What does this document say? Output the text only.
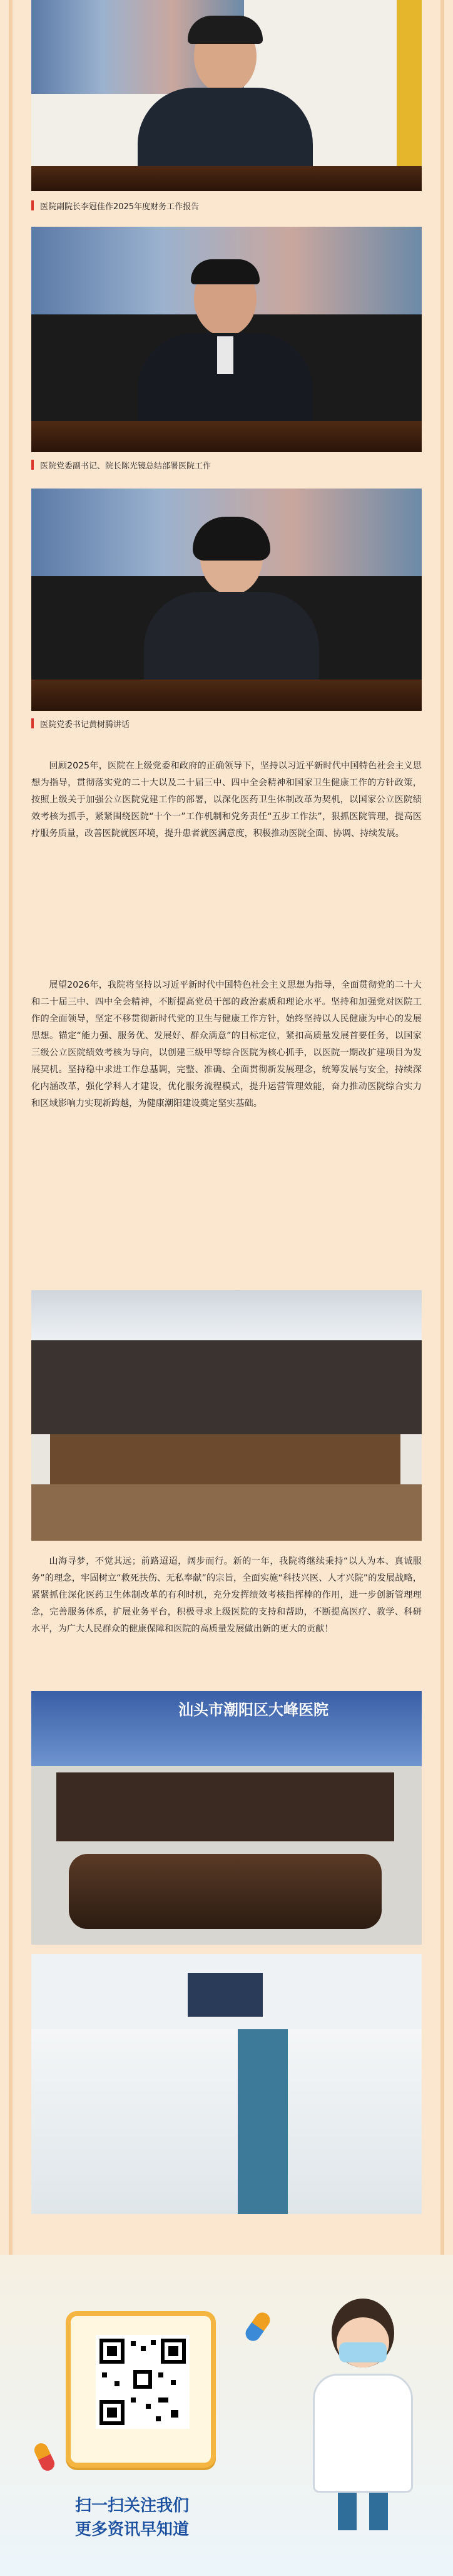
医院副院长李冠佳作2025年度财务工作报告
医院党委副书记、院长陈光镜总结部署医院工作
医院党委书记黄树腾讲话

回顾2025年，医院在上级党委和政府的正确领导下，坚持以习近平新时代中国特色社会主义思想为指导，贯彻落实党的二十大以及二十届三中、四中全会精神和国家卫生健康工作的方针政策，按照上级关于加强公立医院党建工作的部署，以深化医药卫生体制改革为契机，以国家公立医院绩效考核为抓手，紧紧围绕医院“十个一”工作机制和党务责任“五步工作法”，狠抓医院管理，提高医疗服务质量，改善医院就医环境，提升患者就医满意度，积极推动医院全面、协调、持续发展。

展望2026年，我院将坚持以习近平新时代中国特色社会主义思想为指导，全面贯彻党的二十大和二十届三中、四中全会精神，不断提高党员干部的政治素质和理论水平。坚持和加强党对医院工作的全面领导，坚定不移贯彻新时代党的卫生与健康工作方针，始终坚持以人民健康为中心的发展思想。锚定“能力强、服务优、发展好、群众满意”的目标定位，紧扣高质量发展首要任务，以国家三级公立医院绩效考核为导向，以创建三级甲等综合医院为核心抓手，以医院一期改扩建项目为发展契机。坚持稳中求进工作总基调，完整、准确、全面贯彻新发展理念，统筹发展与安全，持续深化内涵改革，强化学科人才建设，优化服务流程模式，提升运营管理效能，奋力推动医院综合实力和区域影响力实现新跨越，为健康潮阳建设奠定坚实基础。

山海寻梦，不觉其远；前路迢迢，阔步而行。新的一年，我院将继续秉持“以人为本、真诚服务”的理念，牢固树立“救死扶伤、无私奉献”的宗旨，全面实施“科技兴医、人才兴院”的发展战略，紧紧抓住深化医药卫生体制改革的有利时机，充分发挥绩效考核指挥棒的作用，进一步创新管理理念，完善服务体系，扩展业务平台，积极寻求上级医院的支持和帮助，不断提高医疗、教学、科研水平，为广大人民群众的健康保障和医院的高质量发展做出新的更大的贡献！

汕头市潮阳区大峰医院
扫一扫关注我们
更多资讯早知道
